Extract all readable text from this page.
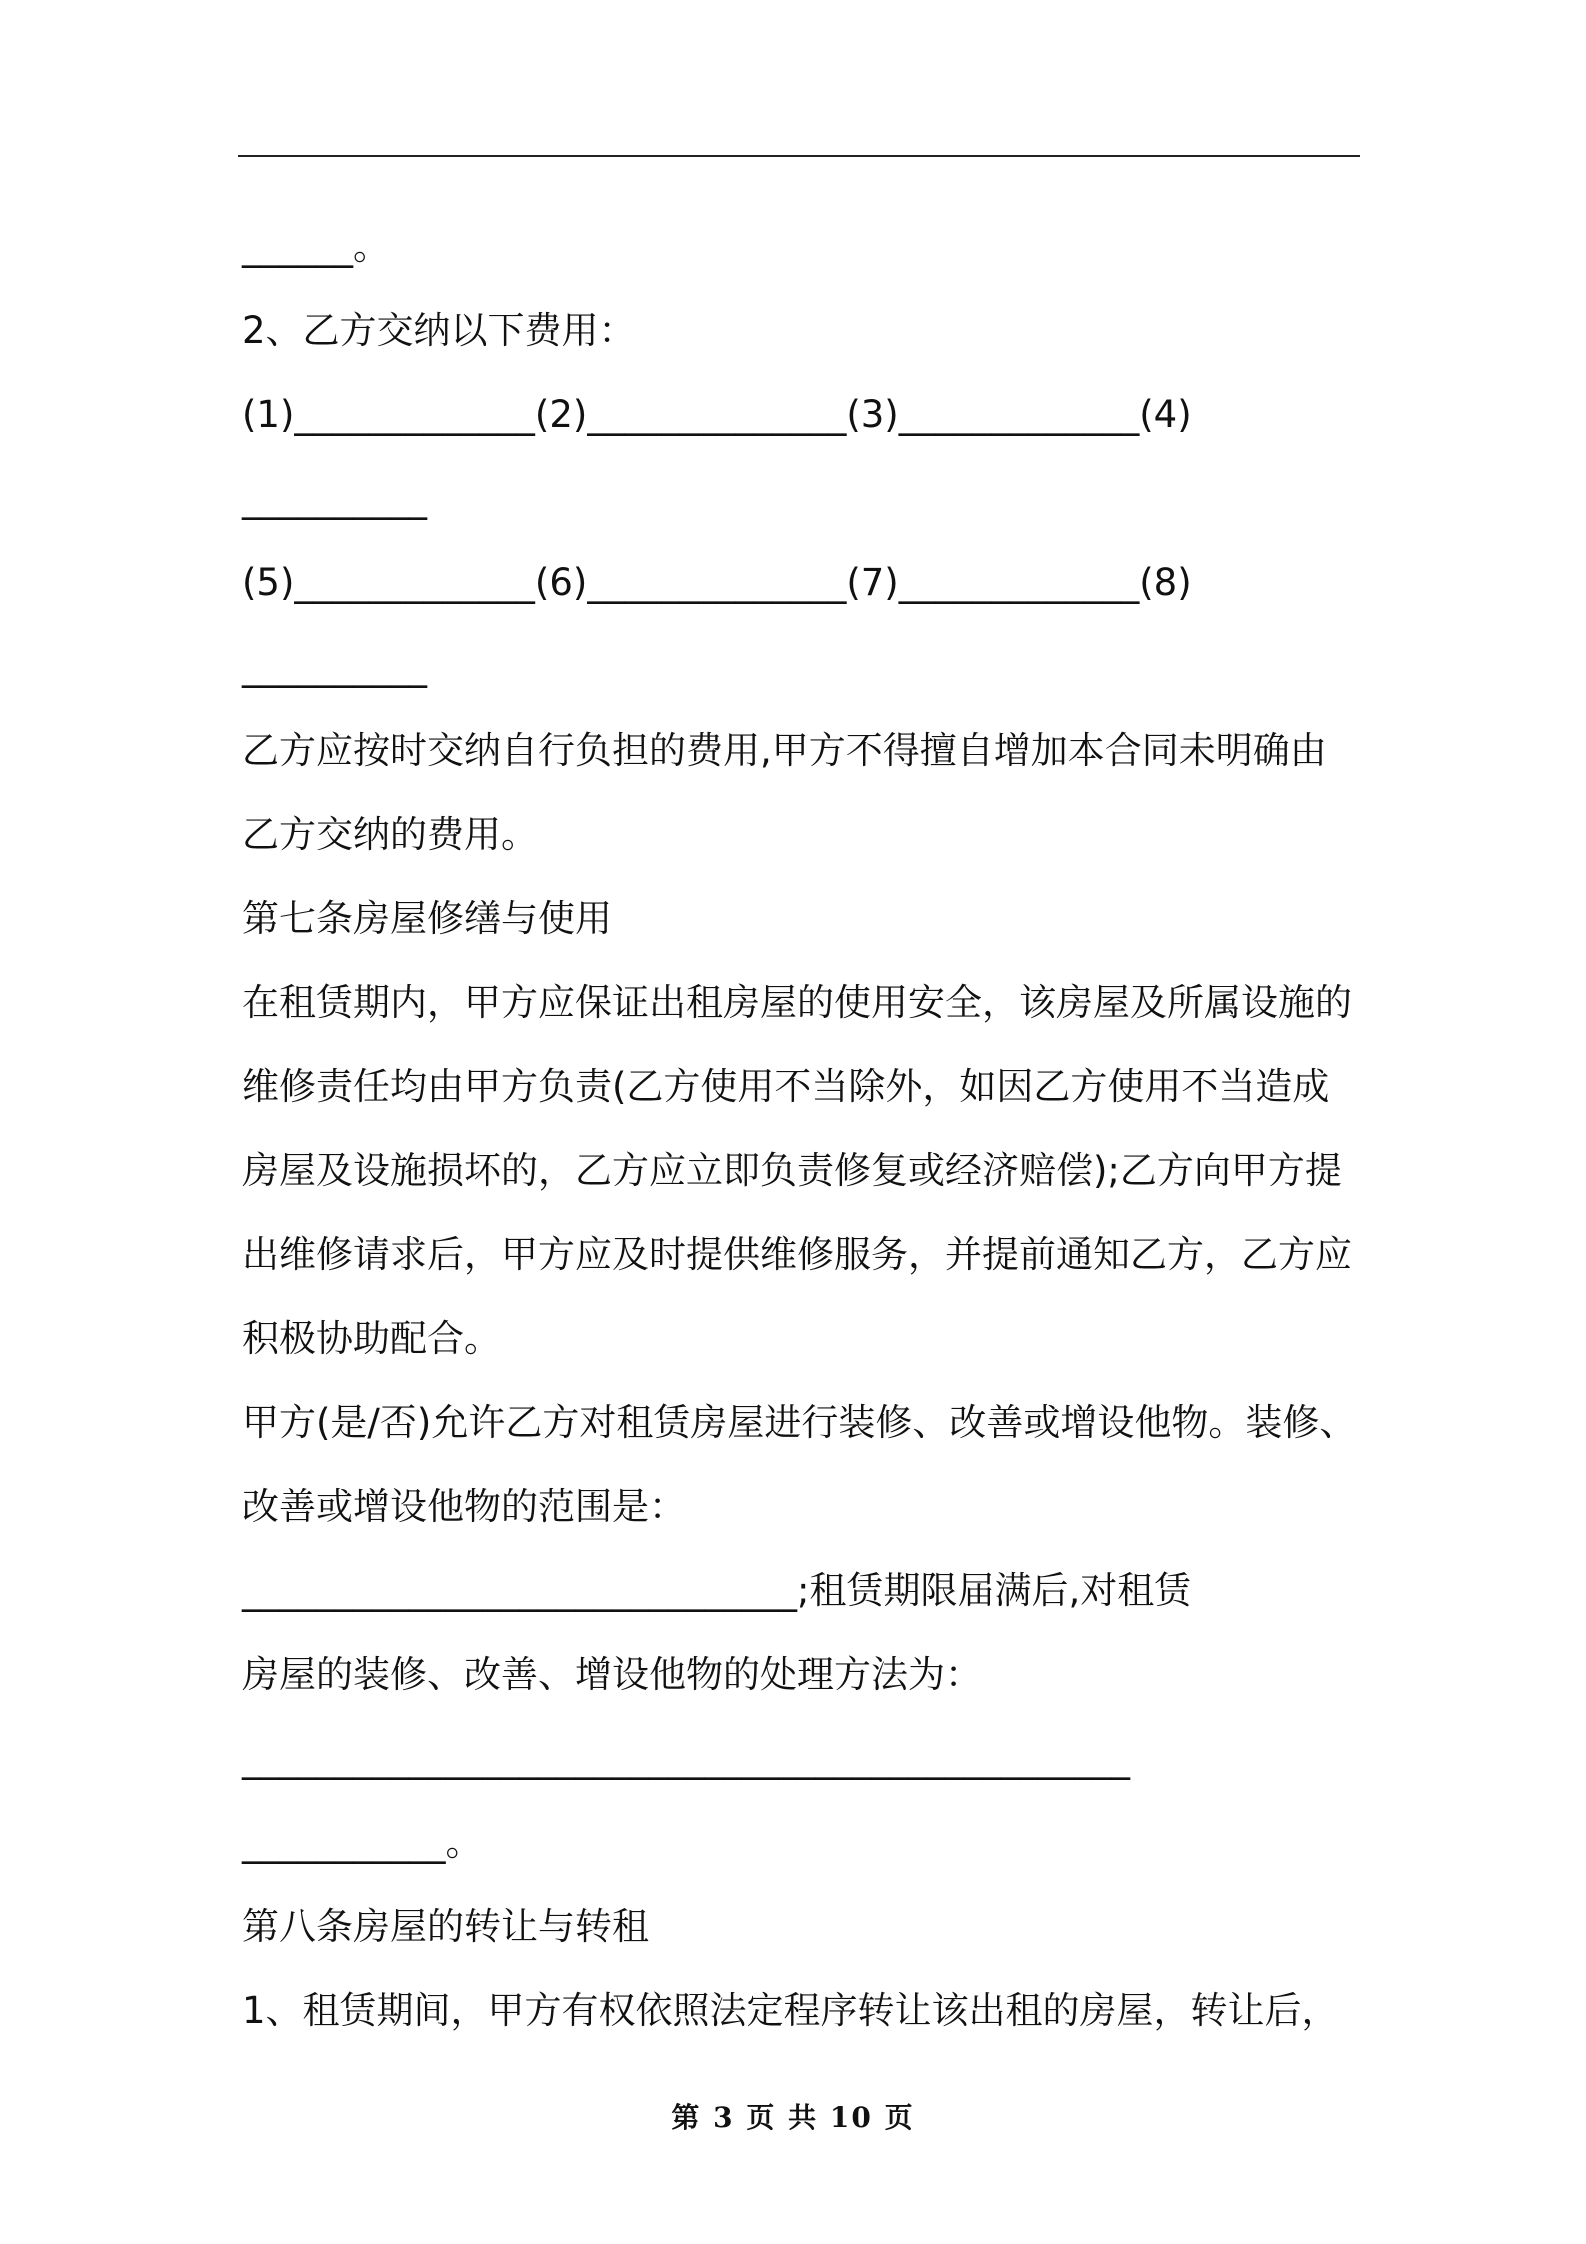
______。
2、乙方交纳以下费用：
(1)_____________(2)______________(3)_____________(4)
__________
(5)_____________(6)______________(7)_____________(8)
__________
乙方应按时交纳自行负担的费用,甲方不得擅自增加本合同未明确由
乙方交纳的费用。
第七条房屋修缮与使用
在租赁期内，甲方应保证出租房屋的使用安全，该房屋及所属设施的
维修责任均由甲方负责(乙方使用不当除外，如因乙方使用不当造成
房屋及设施损坏的，乙方应立即负责修复或经济赔偿);乙方向甲方提
出维修请求后，甲方应及时提供维修服务，并提前通知乙方，乙方应
积极协助配合。
甲方(是/否)允许乙方对租赁房屋进行装修、改善或增设他物。装修、
改善或增设他物的范围是：
______________________________;租赁期限届满后,对租赁
房屋的装修、改善、增设他物的处理方法为：
________________________________________________
___________。
第八条房屋的转让与转租
1、租赁期间，甲方有权依照法定程序转让该出租的房屋，转让后，
第 3 页 共 10 页
